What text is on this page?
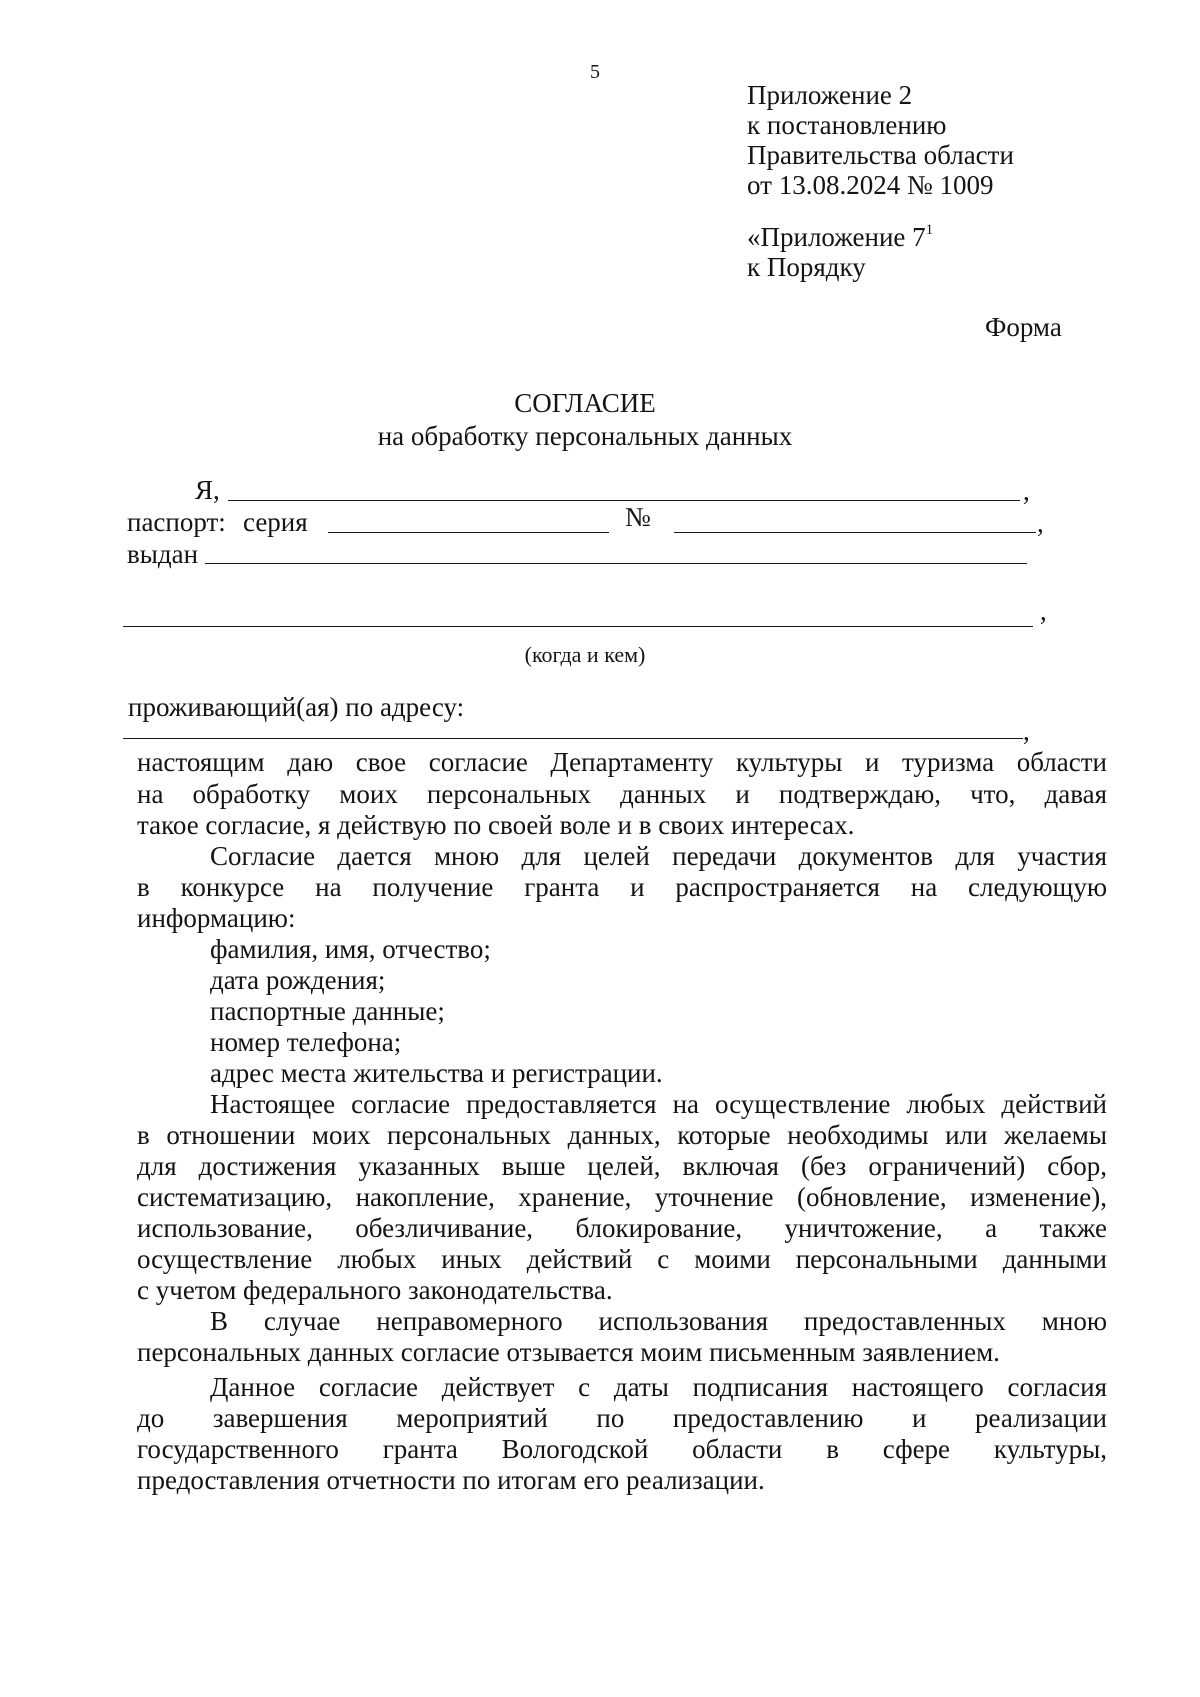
5
Приложение 2
к постановлению
Правительства области
от 13.08.2024 № 1009
«Приложение $7^1$
к Порядку
Форма
СОГЛАСИЕ
на обработку персональных данных
Я,	,
паспорт: серия	№	,
выдан
,
(когда и кем)
проживающий(ая) по адресу:
,
настоящим даю свое согласие Департаменту культуры и туризма области
на обработку моих персональных данных и подтверждаю, что, давая
такое согласие, я действую по своей воле и в своих интересах.
Согласие дается мною для целей передачи документов для участия
в конкурсе на получение гранта и распространяется на следующую
информацию:
фамилия, имя, отчество;
дата рождения;
паспортные данные;
номер телефона;
адрес места жительства и регистрации.
Настоящее согласие предоставляется на осуществление любых действий
в отношении моих персональных данных, которые необходимы или желаемы
для достижения указанных выше целей, включая (без ограничений) сбор,
систематизацию, накопление, хранение, уточнение (обновление, изменение),
использование, обезличивание, блокирование, уничтожение, а также
осуществление любых иных действий с моими персональными данными
с учетом федерального законодательства.
В случае неправомерного использования предоставленных мною
персональных данных согласие отзывается моим письменным заявлением.
Данное согласие действует с даты подписания настоящего согласия
до завершения мероприятий по предоставлению и реализации
государственного гранта Вологодской области в сфере культуры,
предоставления отчетности по итогам его реализации.
